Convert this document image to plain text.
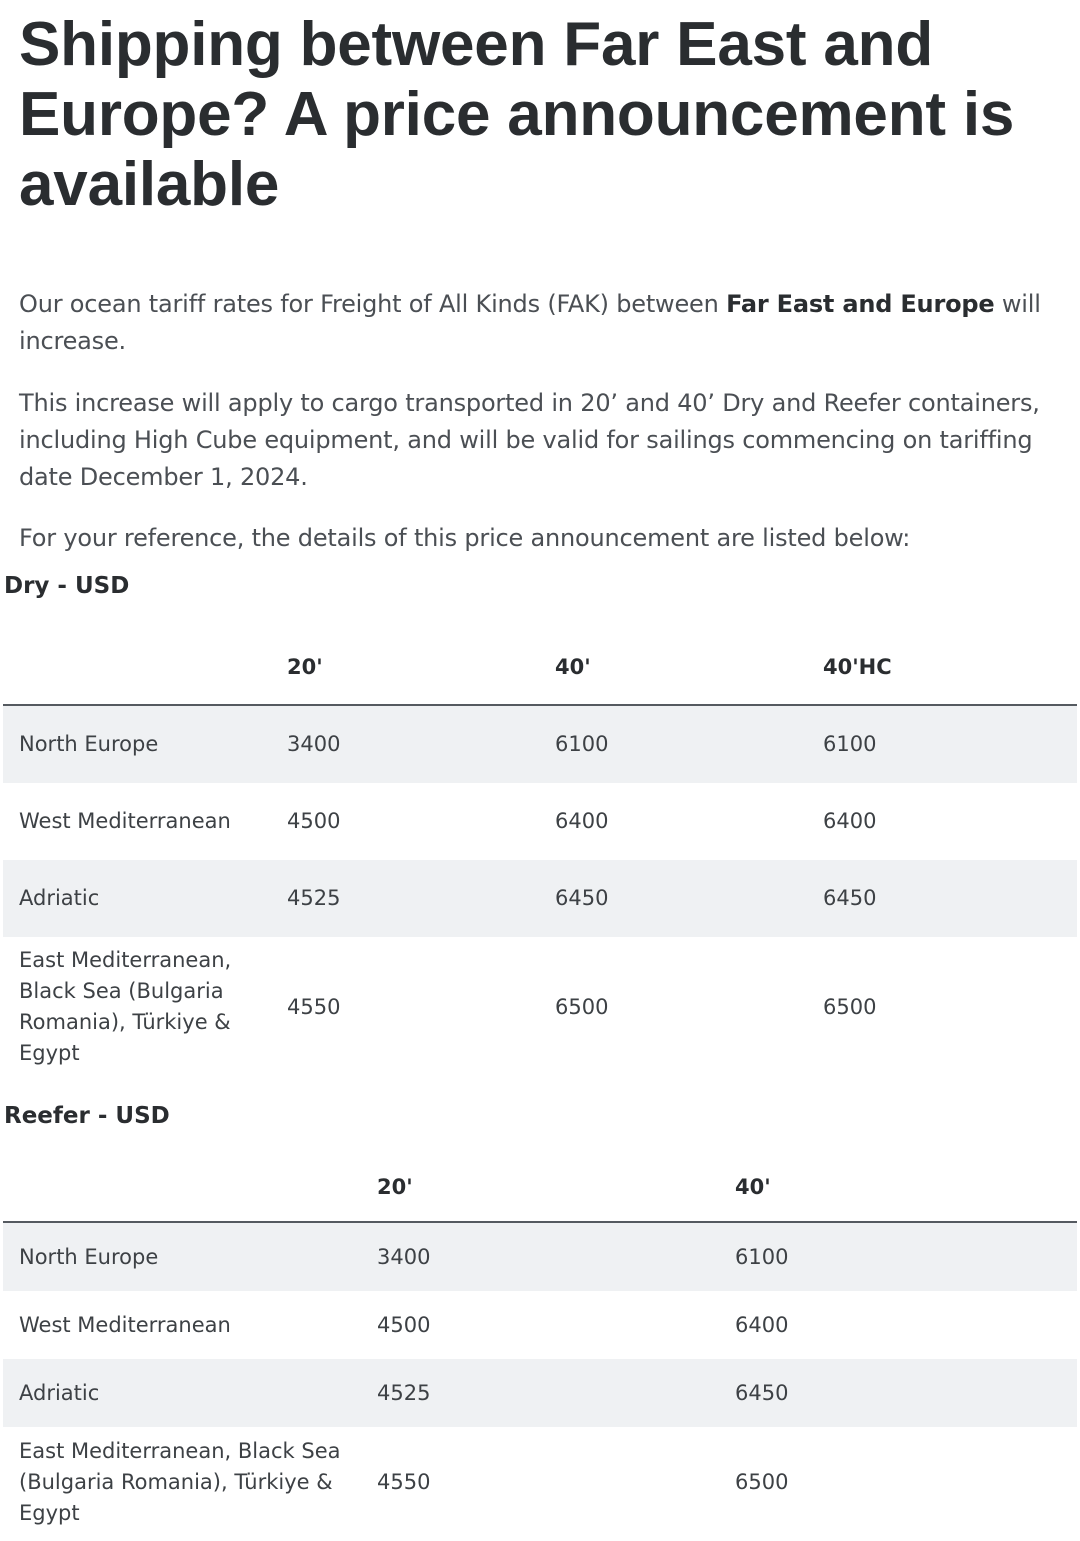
Shipping between Far East and Europe? A price announcement is available

Our ocean tariff rates for Freight of All Kinds (FAK) between Far East and Europe will increase.

This increase will apply to cargo transported in 20’ and 40’ Dry and Reefer containers, including High Cube equipment, and will be valid for sailings commencing on tariffing date December 1, 2024.

For your reference, the details of this price announcement are listed below:

Dry - USD
	20'	40'	40'HC
North Europe	3400	6100	6100
West Mediterranean	4500	6400	6400
Adriatic	4525	6450	6450
East Mediterranean, Black Sea (Bulgaria Romania), Türkiye & Egypt	4550	6500	6500
Reefer - USD
	20'	40'
North Europe	3400	6100
West Mediterranean	4500	6400
Adriatic	4525	6450
East Mediterranean, Black Sea (Bulgaria Romania), Türkiye & Egypt	4550	6500
